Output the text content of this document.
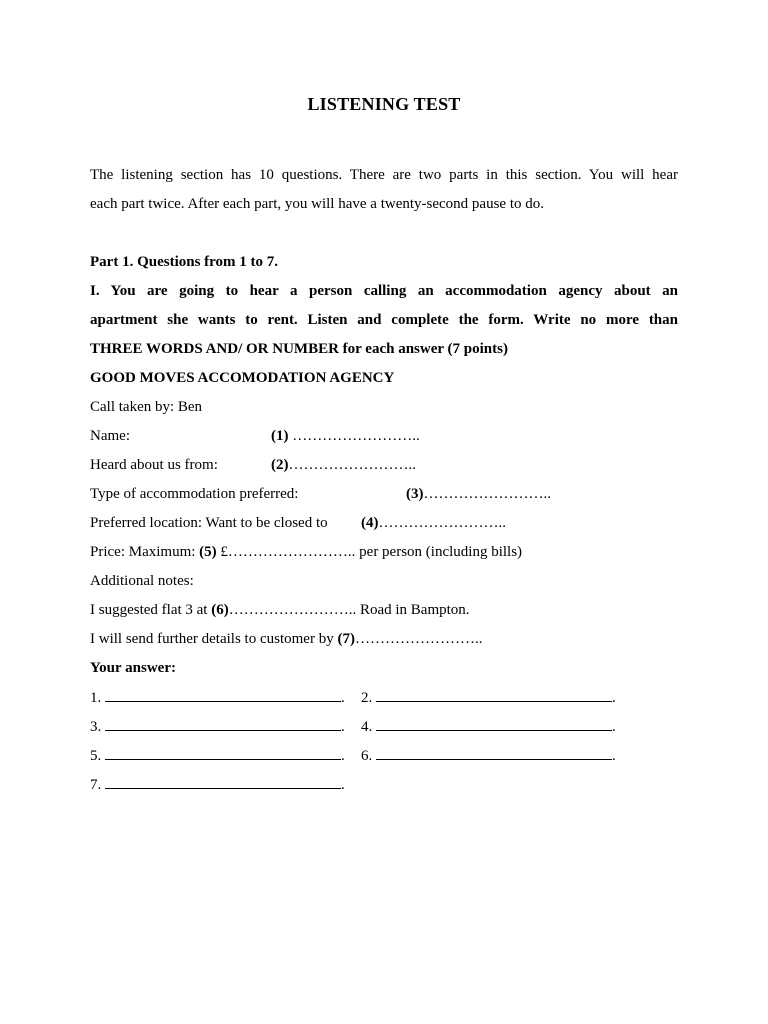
LISTENING TEST
The listening section has 10 questions. There are two parts in this section. You will hear
each part twice. After each part, you will have a twenty-second pause to do.
Part 1. Questions from 1 to 7.
I. You are going to hear a person calling an accommodation agency about an
apartment she wants to rent. Listen and complete the form. Write no more than
THREE WORDS AND/ OR NUMBER for each answer (7 points)
GOOD MOVES ACCOMODATION AGENCY
Call taken by: Ben
Name:	(1) ……………………..
Heard about us from:	(2)……………………..
Type of accommodation preferred:	(3)……………………..
Preferred location: Want to be closed to (4)……………………..
Price: Maximum: (5) £…………………….. per person (including bills)
Additional notes:
I suggested flat 3 at (6)…………………….. Road in Bampton.
I will send further details to customer by (7)……………………..
Your answer:
1.	. 2.	.
3.	. 4.	.
5.	. 6.	.
7.	.
